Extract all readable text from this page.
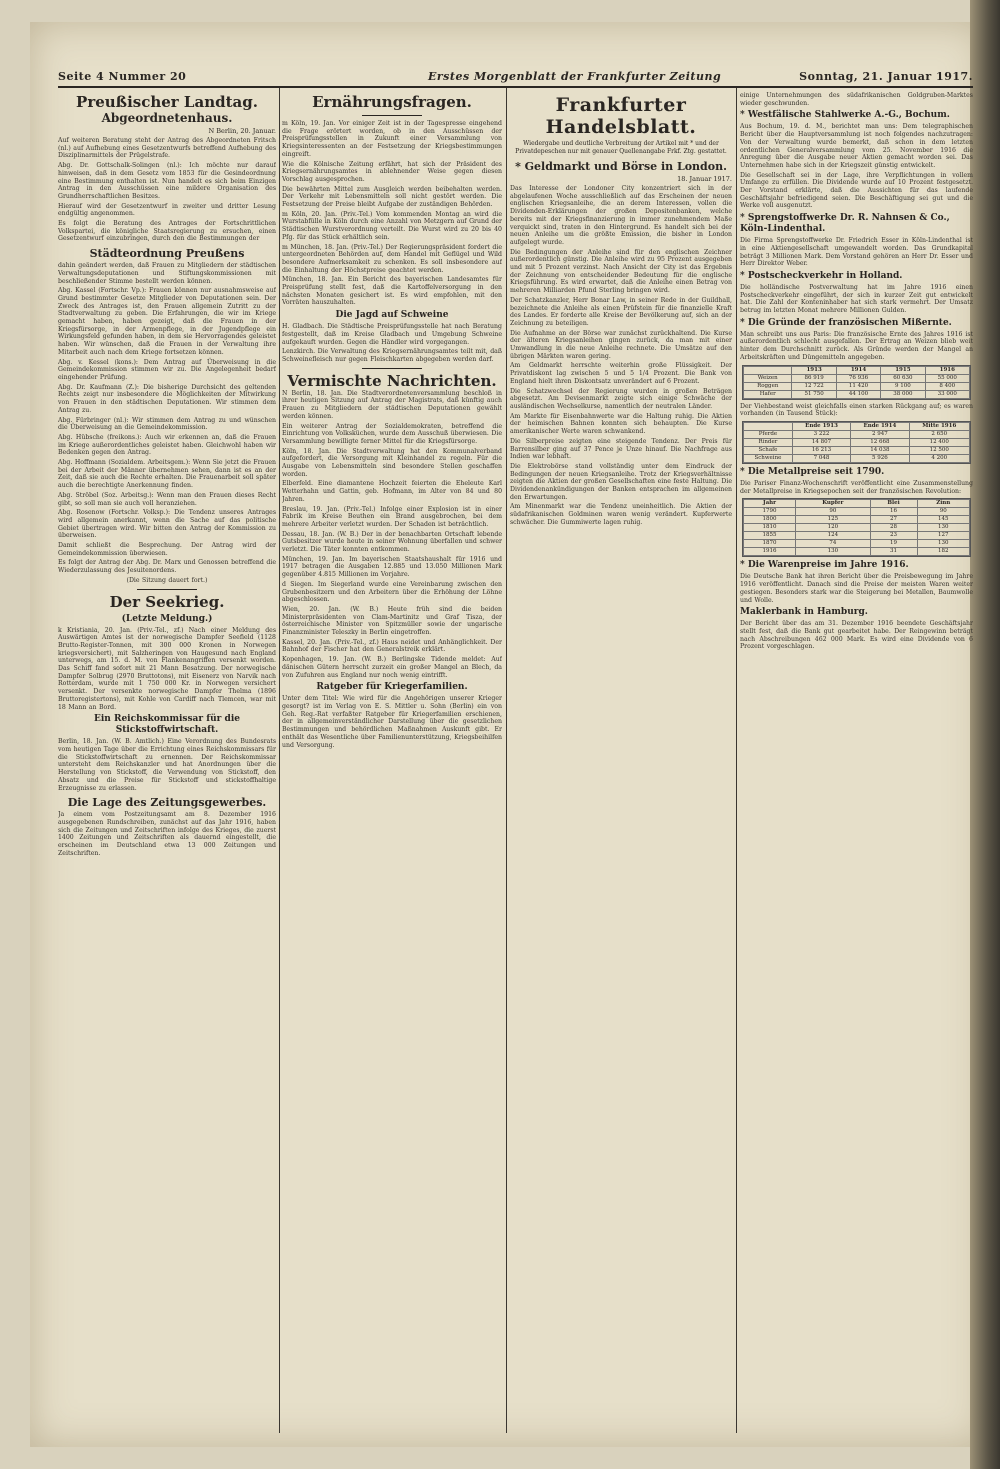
Seite 4 Nummer 20	Erstes Morgenblatt der Frankfurter Zeitung	Sonntag, 21. Januar 1917.
Preußischer Landtag.
Abgeordnetenhaus.
N Berlin, 20. Januar.

Auf weiteren Beratung steht der Antrag des Abgeordneten Fritsch (nl.) auf Aufhebung eines Gesetzentwurfs betreffend Aufhebung des Disziplinarmittels der Prügelstrafe.

Abg. Dr. Gottschalk-Solingen (nl.): Ich möchte nur darauf hinweisen, daß in dem Gesetz vom 1853 für die Gesindeordnung eine Bestimmung enthalten ist. Nun handelt es sich beim Einzigen Antrag in den Ausschüssen eine mildere Organisation des Grundherrschaftlichen Besitzes.

Hierauf wird der Gesetzentwurf in zweiter und dritter Lesung endgültig angenommen.

Es folgt die Beratung des Antrages der Fortschrittlichen Volkspartei, die königliche Staatsregierung zu ersuchen, einen Gesetzentwurf einzubringen, durch den die Bestimmungen der

Städteordnung Preußens

dahin geändert werden, daß Frauen zu Mitgliedern der städtischen Verwaltungsdeputationen und Stiftungskommissionen mit beschließender Stimme bestellt werden können.

Abg. Kassel (Fortschr. Vp.): Frauen können nur ausnahmsweise auf Grund bestimmter Gesetze Mitglieder von Deputationen sein. Der Zweck des Antrages ist, den Frauen allgemein Zutritt zu der Stadtverwaltung zu geben. Die Erfahrungen, die wir im Kriege gemacht haben, haben gezeigt, daß die Frauen in der Kriegsfürsorge, in der Armenpflege, in der Jugendpflege ein Wirkungsfeld gefunden haben, in dem sie Hervorragendes geleistet haben. Wir wünschen, daß die Frauen in der Verwaltung ihre Mitarbeit auch nach dem Kriege fortsetzen können.

Abg. v. Kessel (kons.): Dem Antrag auf Überweisung in die Gemeindekommission stimmen wir zu. Die Angelegenheit bedarf eingehender Prüfung.

Abg. Dr. Kaufmann (Z.): Die bisherige Durchsicht des geltenden Rechts zeigt nur insbesondere die Möglichkeiten der Mitwirkung von Frauen in den städtischen Deputationen. Wir stimmen dem Antrag zu.

Abg. Fürbringer (nl.): Wir stimmen dem Antrag zu und wünschen die Überweisung an die Gemeindekommission.

Abg. Hübsche (freikons.): Auch wir erkennen an, daß die Frauen im Kriege außerordentliches geleistet haben. Gleichwohl haben wir Bedenken gegen den Antrag.

Abg. Hoffmann (Sozialdem. Arbeitsgem.): Wenn Sie jetzt die Frauen bei der Arbeit der Männer übernehmen sehen, dann ist es an der Zeit, daß sie auch die Rechte erhalten. Die Frauenarbeit soll später auch die berechtigte Anerkennung finden.

Abg. Ströbel (Soz. Arbeitsg.): Wenn man den Frauen dieses Recht gibt, so soll man sie auch voll heranziehen.

Abg. Rosenow (Fortschr. Volksp.): Die Tendenz unseres Antrages wird allgemein anerkannt, wenn die Sache auf das politische Gebiet übertragen wird. Wir bitten den Antrag der Kommission zu überweisen.

Damit schließt die Besprechung. Der Antrag wird der Gemeindekommission überwiesen.

Es folgt der Antrag der Abg. Dr. Marx und Genossen betreffend die Wiederzulassung des Jesuitenordens.

(Die Sitzung dauert fort.)

Der Seekrieg.
(Letzte Meldung.)

k Kristiania, 20. Jan. (Priv.-Tel., zf.) Nach einer Meldung des Auswärtigen Amtes ist der norwegische Dampfer Seefield (1128 Brutto-Register-Tonnen, mit 300 000 Kronen in Norwegen kriegsversichert), mit Salzheringen von Haugesund nach England unterwegs, am 15. d. M. von Flankenangriffen versenkt worden. Das Schiff fand sofort mit 21 Mann Besatzung. Der norwegische Dampfer Solbrug (2970 Bruttotons), mit Eisenerz von Narvik nach Rotterdam, wurde mit 1 750 000 Kr. in Norwegen versichert versenkt. Der versenkte norwegische Dampfer Thelma (1896 Bruttoregistertons), mit Kohle von Cardiff nach Tlemcen, war mit 18 Mann an Bord.

Ein Reichskommissar für die Stickstoffwirtschaft.

Berlin, 18. Jan. (W. B. Amtlich.) Eine Verordnung des Bundesrats vom heutigen Tage über die Errichtung eines Reichskommissars für die Stickstoffwirtschaft zu ernennen. Der Reichskommissar untersteht dem Reichskanzler und hat Anordnungen über die Herstellung von Stickstoff, die Verwendung von Stickstoff, den Absatz und die Preise für Stickstoff und stickstoffhaltige Erzeugnisse zu erlassen.

Die Lage des Zeitungsgewerbes.

Ja einem vom Postzeitungsamt am 8. Dezember 1916 ausgegebenen Rundschreiben, zunächst auf das Jahr 1916, haben sich die Zeitungen und Zeitschriften infolge des Krieges, die zuerst 1400 Zeitungen und Zeitschriften als dauernd eingestellt, die erscheinen im Deutschland etwa 13 000 Zeitungen und Zeitschriften.

Ernährungsfragen.

m Köln, 19. Jan. Vor einiger Zeit ist in der Tagespresse eingehend die Frage erörtert worden, ob in den Ausschüssen der Preisprüfungsstellen in Zukunft einer Versammlung von Kriegsinteressenten an der Festsetzung der Kriegsbestimmungen eingreift.

Wie die Kölnische Zeitung erfährt, hat sich der Präsident des Kriegsernährungsamtes in ablehnender Weise gegen diesen Vorschlag ausgesprochen.

Die bewährten Mittel zum Ausgleich werden beibehalten werden. Der Verkehr mit Lebensmitteln soll nicht gestört werden. Die Festsetzung der Preise bleibt Aufgabe der zuständigen Behörden.

m Köln, 20. Jan. (Priv.-Tel.) Vom kommenden Montag an wird die Wurstabfülle in Köln durch eine Anzahl von Metzgern auf Grund der Städtischen Wurstverordnung verteilt. Die Wurst wird zu 20 bis 40 Pfg. für das Stück erhältlich sein.

m München, 18. Jan. (Priv.-Tel.) Der Regierungspräsident fordert die untergeordneten Behörden auf, dem Handel mit Geflügel und Wild besondere Aufmerksamkeit zu schenken. Es soll insbesondere auf die Einhaltung der Höchstpreise geachtet werden.

München, 18. Jan. Ein Bericht des bayerischen Landesamtes für Preisprüfung stellt fest, daß die Kartoffelversorgung in den nächsten Monaten gesichert ist. Es wird empfohlen, mit den Vorräten hauszuhalten.

Die Jagd auf Schweine

H. Gladbach. Die Städtische Preisprüfungsstelle hat nach Beratung festgestellt, daß im Kreise Gladbach und Umgebung Schweine aufgekauft wurden. Gegen die Händler wird vorgegangen.

Lenzkirch. Die Verwaltung des Kriegsernährungsamtes teilt mit, daß Schweinefleisch nur gegen Fleischkarten abgegeben werden darf.

Vermischte Nachrichten.

N Berlin, 18. Jan. Die Stadtverordnetenversammlung beschloß in ihrer heutigen Sitzung auf Antrag der Magistrats, daß künftig auch Frauen zu Mitgliedern der städtischen Deputationen gewählt werden können.

Ein weiterer Antrag der Sozialdemokraten, betreffend die Einrichtung von Volksküchen, wurde dem Ausschuß überwiesen. Die Versammlung bewilligte ferner Mittel für die Kriegsfürsorge.

Köln, 18. Jan. Die Stadtverwaltung hat den Kommunalverband aufgefordert, die Versorgung mit Kleinhandel zu regeln. Für die Ausgabe von Lebensmitteln sind besondere Stellen geschaffen worden.

Elberfeld. Eine diamantene Hochzeit feierten die Eheleute Karl Wetterhahn und Gattin, geb. Hofmann, im Alter von 84 und 80 Jahren.

Breslau, 19. Jan. (Priv.-Tel.) Infolge einer Explosion ist in einer Fabrik im Kreise Beuthen ein Brand ausgebrochen, bei dem mehrere Arbeiter verletzt wurden. Der Schaden ist beträchtlich.

Dessau, 18. Jan. (W. B.) Der in der benachbarten Ortschaft lebende Gutsbesitzer wurde heute in seiner Wohnung überfallen und schwer verletzt. Die Täter konnten entkommen.

München, 19. Jan. Im bayerischen Staatshaushalt für 1916 und 1917 betragen die Ausgaben 12.885 und 13.050 Millionen Mark gegenüber 4.815 Millionen im Vorjahre.

d Siegen. Im Siegerland wurde eine Vereinbarung zwischen den Grubenbesitzern und den Arbeitern über die Erhöhung der Löhne abgeschlossen.

Wien, 20. Jan. (W. B.) Heute früh sind die beiden Ministerpräsidenten von Clam-Martinitz und Graf Tisza, der österreichische Minister von Spitzmüller sowie der ungarische Finanzminister Teleszky in Berlin eingetroffen.

Kassel, 20. Jan. (Priv.-Tel., zf.) Haus neidet und Anhänglichkeit. Der Bahnhof der Fischer hat den Generalstreik erklärt.

Kopenhagen, 19. Jan. (W. B.) Berlingske Tidende meldet: Auf dänischen Gütern herrscht zurzeit ein großer Mangel an Blech, da von Zufuhren aus England nur noch wenig eintrifft.

Ratgeber für Kriegerfamilien.

Unter dem Titel: Wie wird für die Angehörigen unserer Krieger gesorgt? ist im Verlag von E. S. Mittler u. Sohn (Berlin) ein von Geh. Reg.-Rat verfaßter Ratgeber für Kriegerfamilien erschienen, der in allgemeinverständlicher Darstellung über die gesetzlichen Bestimmungen und behördlichen Maßnahmen Auskunft gibt. Er enthält das Wesentliche über Familienunterstützung, Kriegsbeihilfen und Versorgung.

Frankfurter Handelsblatt.
Wiedergabe und deutliche Verbreitung der Artikel mit * und der Privatdepeschen nur mit genauer Quellenangabe Frkf. Ztg. gestattet.
* Geldmarkt und Börse in London.
18. Januar 1917.

Das Interesse der Londoner City konzentriert sich in der abgelaufenen Woche ausschließlich auf das Erscheinen der neuen englischen Kriegsanleihe, die an derem Interessen, vollen die Dividenden-Erklärungen der großen Depositenbanken, welche bereits mit der Kriegsfinanzierung in immer zunehmendem Maße verquickt sind, traten in den Hintergrund. Es handelt sich bei der neuen Anleihe um die größte Emission, die bisher in London aufgelegt wurde.

Die Bedingungen der Anleihe sind für den englischen Zeichner außerordentlich günstig. Die Anleihe wird zu 95 Prozent ausgegeben und mit 5 Prozent verzinst. Nach Ansicht der City ist das Ergebnis der Zeichnung von entscheidender Bedeutung für die englische Kriegsführung. Es wird erwartet, daß die Anleihe einen Betrag von mehreren Milliarden Pfund Sterling bringen wird.

Der Schatzkanzler, Herr Bonar Law, in seiner Rede in der Guildhall, bezeichnete die Anleihe als einen Prüfstein für die finanzielle Kraft des Landes. Er forderte alle Kreise der Bevölkerung auf, sich an der Zeichnung zu beteiligen.

Die Aufnahme an der Börse war zunächst zurückhaltend. Die Kurse der älteren Kriegsanleihen gingen zurück, da man mit einer Umwandlung in die neue Anleihe rechnete. Die Umsätze auf den übrigen Märkten waren gering.

Am Geldmarkt herrschte weiterhin große Flüssigkeit. Der Privatdiskont lag zwischen 5 und 5 1/4 Prozent. Die Bank von England hielt ihren Diskontsatz unverändert auf 6 Prozent.

Die Schatzwechsel der Regierung wurden in großen Beträgen abgesetzt. Am Devisenmarkt zeigte sich einige Schwäche der ausländischen Wechselkurse, namentlich der neutralen Länder.

Am Markte für Eisenbahnwerte war die Haltung ruhig. Die Aktien der heimischen Bahnen konnten sich behaupten. Die Kurse amerikanischer Werte waren schwankend.

Die Silberpreise zeigten eine steigende Tendenz. Der Preis für Barrensilber ging auf 37 Pence je Unze hinauf. Die Nachfrage aus Indien war lebhaft.

Die Elektrobörse stand vollständig unter dem Eindruck der Bedingungen der neuen Kriegsanleihe. Trotz der Kriegsverhältnisse zeigten die Aktien der großen Gesellschaften eine feste Haltung. Die Dividendenankündigungen der Banken entsprachen im allgemeinen den Erwartungen.

Am Minenmarkt war die Tendenz uneinheitlich. Die Aktien der südafrikanischen Goldminen waren wenig verändert. Kupferwerte schwächer. Die Gummiwerte lagen ruhig.

einige Unternehmungen des südafrikanischen Goldgruben-Marktes wieder geschwunden.

* Westfälische Stahlwerke A.-G., Bochum.

Aus Bochum, 19. d. M., berichtet man uns: Dem telegraphischen Bericht über die Hauptversammlung ist noch folgendes nachzutragen: Von der Verwaltung wurde bemerkt, daß schon in dem letzten ordentlichen Generalversammlung vom 25. November 1916 die Anregung über die Ausgabe neuer Aktien gemacht worden sei. Das Unternehmen habe sich in der Kriegszeit günstig entwickelt.

Die Gesellschaft sei in der Lage, ihre Verpflichtungen in vollem Umfange zu erfüllen. Die Dividende wurde auf 10 Prozent festgesetzt. Der Vorstand erklärte, daß die Aussichten für das laufende Geschäftsjahr befriedigend seien. Die Beschäftigung sei gut und die Werke voll ausgenutzt.

* Sprengstoffwerke Dr. R. Nahnsen & Co., Köln-Lindenthal.

Die Firma Sprengstoffwerke Dr. Friedrich Esser in Köln-Lindenthal ist in eine Aktiengesellschaft umgewandelt worden. Das Grundkapital beträgt 3 Millionen Mark. Dem Vorstand gehören an Herr Dr. Esser und Herr Direktor Weber.

* Postscheckverkehr in Holland.

Die holländische Postverwaltung hat im Jahre 1916 einen Postscheckverkehr eingeführt, der sich in kurzer Zeit gut entwickelt hat. Die Zahl der Konteninhaber hat sich stark vermehrt. Der Umsatz betrug im letzten Monat mehrere Millionen Gulden.

* Die Gründe der französischen Mißernte.

Man schreibt uns aus Paris: Die französische Ernte des Jahres 1916 ist außerordentlich schlecht ausgefallen. Der Ertrag an Weizen blieb weit hinter dem Durchschnitt zurück. Als Gründe werden der Mangel an Arbeitskräften und Düngemitteln angegeben.

	1913	1914	1915	1916
Weizen	86 919	76 936	60 630	55 000
Roggen	12 722	11 420	9 100	8 400
Hafer	51 750	44 100	38 000	33 000

Der Viehbestand weist gleichfalls einen starken Rückgang auf; es waren vorhanden (in Tausend Stück):

	Ende 1913	Ende 1914	Mitte 1916
Pferde	3 222	2 947	2 650
Rinder	14 807	12 668	12 400
Schafe	16 213	14 038	12 500
Schweine	7 048	5 926	4 200
* Die Metallpreise seit 1790.

Die Pariser Finanz-Wochenschrift veröffentlicht eine Zusammenstellung der Metallpreise in Kriegsepochen seit der französischen Revolution:

Jahr	Kupfer	Blei	Zinn
1790	90	16	90
1800	125	27	145
1810	120	28	130
1855	124	23	127
1870	74	19	130
1916	130	31	182
* Die Warenpreise im Jahre 1916.

Die Deutsche Bank hat ihren Bericht über die Preisbewegung im Jahre 1916 veröffentlicht. Danach sind die Preise der meisten Waren weiter gestiegen. Besonders stark war die Steigerung bei Metallen, Baumwolle und Wolle.

Maklerbank in Hamburg.

Der Bericht über das am 31. Dezember 1916 beendete Geschäftsjahr stellt fest, daß die Bank gut gearbeitet habe. Der Reingewinn beträgt nach Abschreibungen 462 000 Mark. Es wird eine Dividende von 6 Prozent vorgeschlagen.
